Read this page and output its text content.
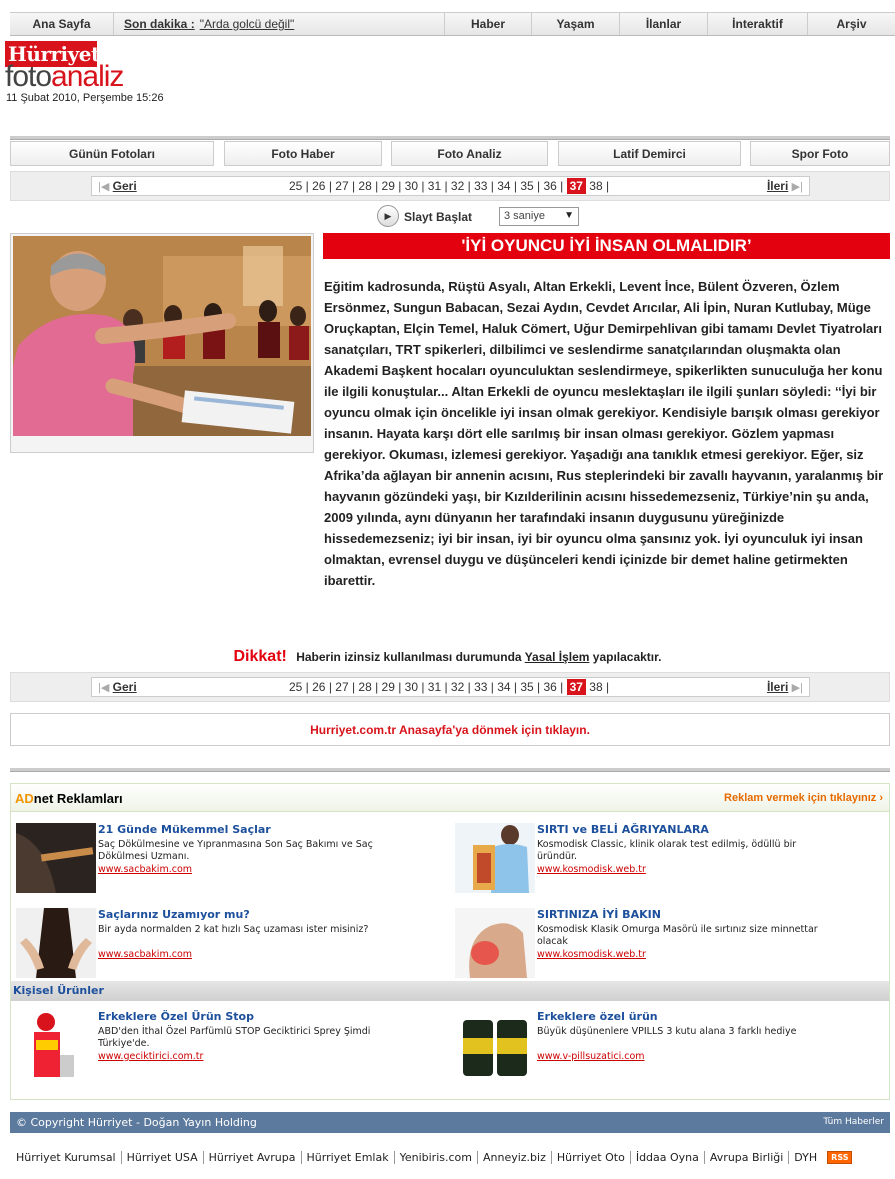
Ana Sayfa	Son dakika : "Arda golcü değil"	Haber	Yaşam	İlanlar	İnteraktif	Arşiv
Hürriyet
fotoanaliz
11 Şubat 2010, Perşembe 15:26
Günün Fotoları	Foto Haber	Foto Analiz	Latif Demirci	Spor Foto
|◀ Geri	25 | 26 | 27 | 28 | 29 | 30 | 31 | 32 | 33 | 34 | 35 | 36 | 37 38 |	İleri ▶|
▶ Slayt Başlat	3 saniye ▼
'İYİ OYUNCU İYİ İNSAN OLMALIDIR’
Eğitim kadrosunda, Rüştü Asyalı, Altan Erkekli, Levent İnce, Bülent Özveren, Özlem Ersönmez, Sungun Babacan, Sezai Aydın, Cevdet Arıcılar, Ali İpin, Nuran Kutlubay, Müge Oruçkaptan, Elçin Temel, Haluk Cömert, Uğur Demirpehlivan gibi tamamı Devlet Tiyatroları sanatçıları, TRT spikerleri, dilbilimci ve seslendirme sanatçılarından oluşmakta olan Akademi Başkent hocaları oyunculuktan seslendirmeye, spikerlikten sunuculuğa her konu ile ilgili konuştular... Altan Erkekli de oyuncu meslektaşları ile ilgili şunları söyledi: ‘‘İyi bir oyuncu olmak için öncelikle iyi insan olmak gerekiyor. Kendisiyle barışık olması gerekiyor insanın. Hayata karşı dört elle sarılmış bir insan olması gerekiyor. Gözlem yapması gerekiyor. Okuması, izlemesi gerekiyor. Yaşadığı ana tanıklık etmesi gerekiyor. Eğer, siz Afrika’da ağlayan bir annenin acısını, Rus steplerindeki bir zavallı hayvanın, yaralanmış bir hayvanın gözündeki yaşı, bir Kızılderilinin acısını hissedemezseniz, Türkiye’nin şu anda, 2009 yılında, aynı dünyanın her tarafındaki insanın duygusunu yüreğinizde hissedemezseniz; iyi bir insan, iyi bir oyuncu olma şansınız yok. İyi oyunculuk iyi insan olmaktan, evrensel duygu ve düşünceleri kendi içinizde bir demet haline getirmekten ibarettir.
Dikkat! Haberin izinsiz kullanılması durumunda Yasal İşlem yapılacaktır.
|◀ Geri	25 | 26 | 27 | 28 | 29 | 30 | 31 | 32 | 33 | 34 | 35 | 36 | 37 38 |	İleri ▶|
Hurriyet.com.tr Anasayfa'ya dönmek için tıklayın.
ADnet Reklamları	Reklam vermek için tıklayınız ›
21 Günde Mükemmel Saçlar
Saç Dökülmesine ve Yıpranmasına Son Saç Bakımı ve Saç Dökülmesi Uzmanı.
www.sacbakim.com
SIRTI ve BELİ AĞRIYANLARA
Kosmodisk Classic, klinik olarak test edilmiş, ödüllü bir üründür.
www.kosmodisk.web.tr
Saçlarınız Uzamıyor mu?
Bir ayda normalden 2 kat hızlı Saç uzaması ister misiniz?
www.sacbakim.com
SIRTINIZA İYİ BAKIN
Kosmodisk Klasik Omurga Masörü ile sırtınız size minnettar olacak
www.kosmodisk.web.tr
Kişisel Ürünler
Erkeklere Özel Ürün Stop
ABD'den İthal Özel Parfümlü STOP Geciktirici Sprey Şimdi Türkiye'de.
www.geciktirici.com.tr
Erkeklere özel ürün
Büyük düşünenlere VPILLS 3 kutu alana 3 farklı hediye
www.v-pillsuzatici.com
© Copyright Hürriyet - Doğan Yayın Holding	Tüm Haberler
Hürriyet Kurumsal	Hürriyet USA	Hürriyet Avrupa	Hürriyet Emlak	Yenibiris.com	Anneyiz.biz	Hürriyet Oto	İddaa Oyna	Avrupa Birliği	DYH	RSS
